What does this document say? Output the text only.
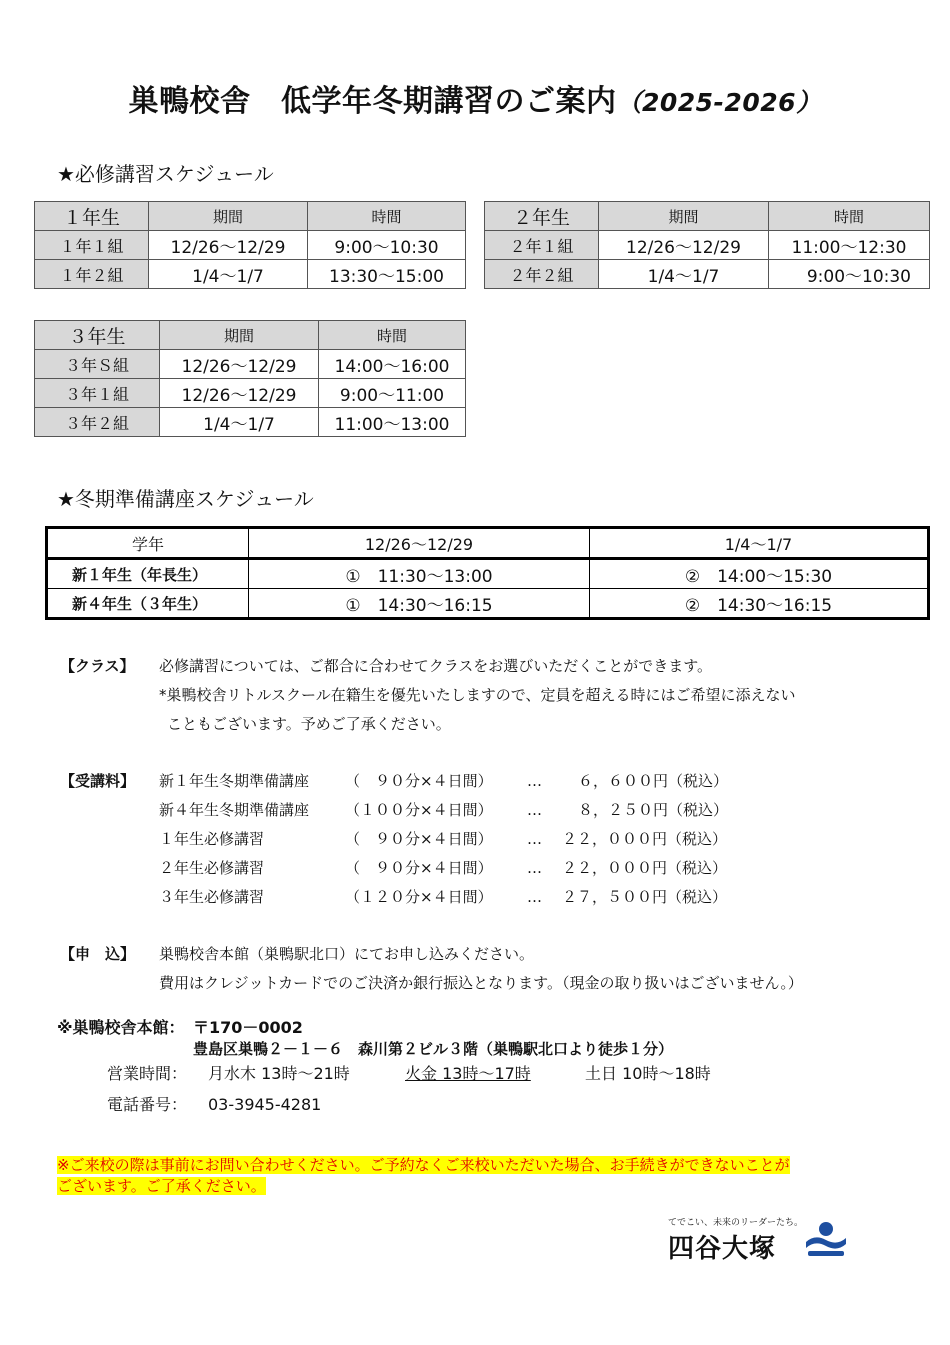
巣鴨校舎　低学年冬期講習のご案内（2025-2026）
★必修講習スケジュール
１年生	期間	時間
１年１組	12/26〜12/29	9:00〜10:30
１年２組	1/4〜1/7	13:30〜15:00
２年生	期間	時間
２年１組	12/26〜12/29	11:00〜12:30
２年２組	1/4〜1/7	9:00〜10:30
３年生	期間	時間
３年Ｓ組	12/26〜12/29	14:00〜16:00
３年１組	12/26〜12/29	9:00〜11:00
３年２組	1/4〜1/7	11:00〜13:00
★冬期準備講座スケジュール
学年	12/26〜12/29	1/4〜1/7
新１年生（年長生）	①　11:30〜13:00	②　14:00〜15:30
新４年生（３年生）	①　14:30〜16:15	②　14:30〜16:15
【クラス】 必修講習については、ご都合に合わせてクラスをお選びいただくことができます。
*巣鴨校舎リトルスクール在籍生を優先いたしますので、定員を超える時にはご希望に添えない
こともございます。予めご了承ください。
【受講料】 新１年生冬期準備講座 （　９０分×４日間） … ６，６００円（税込）
新４年生冬期準備講座 （１００分×４日間） … ８，２５０円（税込）
１年生必修講習	（　９０分×４日間） … ２２，０００円（税込）
２年生必修講習	（　９０分×４日間） … ２２，０００円（税込）
３年生必修講習	（１２０分×４日間） … ２７，５００円（税込）
【申　込】 巣鴨校舎本館（巣鴨駅北口）にてお申し込みください。
費用はクレジットカードでのご決済か銀行振込となります。（現金の取り扱いはございません。）
※巣鴨校舎本館： 〒170－0002
豊島区巣鴨２－１－６　森川第２ビル３階（巣鴨駅北口より徒歩１分）
営業時間： 月水木 13時〜21時	火金 13時〜17時	土日 10時〜18時
電話番号： 03-3945-4281
※ご来校の際は事前にお問い合わせください。ご予約なくご来校いただいた場合、お手続きができないことが
ございます。ご了承ください。
てでこい、未来のリーダーたち。
四谷大塚
